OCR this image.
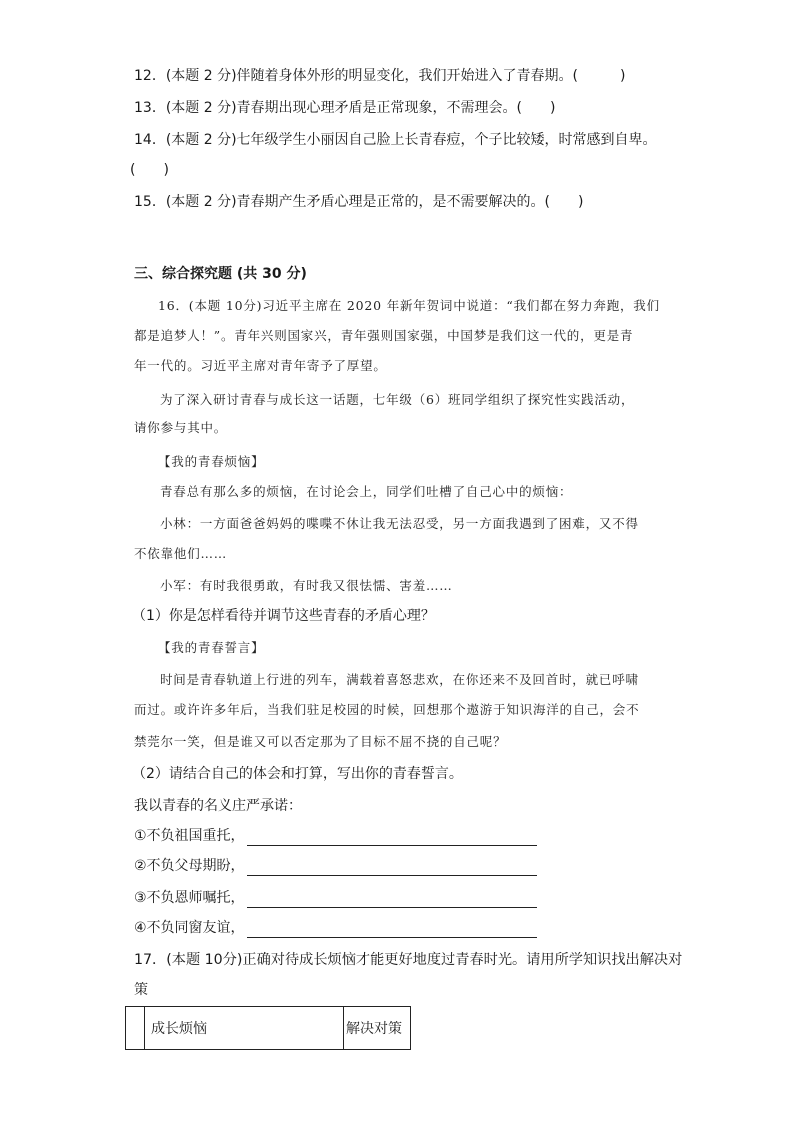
12．(本题 2 分)伴随着身体外形的明显变化，我们开始进入了青春期。(　　　)
13．(本题 2 分)青春期出现心理矛盾是正常现象，不需理会。(　　)
14．(本题 2 分)七年级学生小丽因自己脸上长青春痘，个子比较矮，时常感到自卑。
(　　)
15．(本题 2 分)青春期产生矛盾心理是正常的，是不需要解决的。(　　)
三、综合探究题 (共 30 分)
16．(本题 10分)习近平主席在 2020 年新年贺词中说道：“我们都在努力奔跑，我们
都是追梦人！”。青年兴则国家兴，青年强则国家强，中国梦是我们这一代的，更是青
年一代的。习近平主席对青年寄予了厚望。
为了深入研讨青春与成长这一话题，七年级（6）班同学组织了探究性实践活动，
请你参与其中。
【我的青春烦恼】
青春总有那么多的烦恼，在讨论会上，同学们吐槽了自己心中的烦恼：
小林：一方面爸爸妈妈的喋喋不休让我无法忍受，另一方面我遇到了困难，又不得
不依靠他们……
小军：有时我很勇敢，有时我又很怯懦、害羞……
（1）你是怎样看待并调节这些青春的矛盾心理？
【我的青春誓言】
时间是青春轨道上行进的列车，满载着喜怒悲欢，在你还来不及回首时，就已呼啸
而过。或许许多年后，当我们驻足校园的时候，回想那个遨游于知识海洋的自己，会不
禁莞尔一笑，但是谁又可以否定那为了目标不屈不挠的自己呢？
（2）请结合自己的体会和打算，写出你的青春誓言。
我以青春的名义庄严承诺：
①不负祖国重托，
②不负父母期盼，
③不负恩师嘱托，
④不负同窗友谊，
17．(本题 10分)正确对待成长烦恼才能更好地度过青春时光。请用所学知识找出解决对
策
	成长烦恼	解决对策
